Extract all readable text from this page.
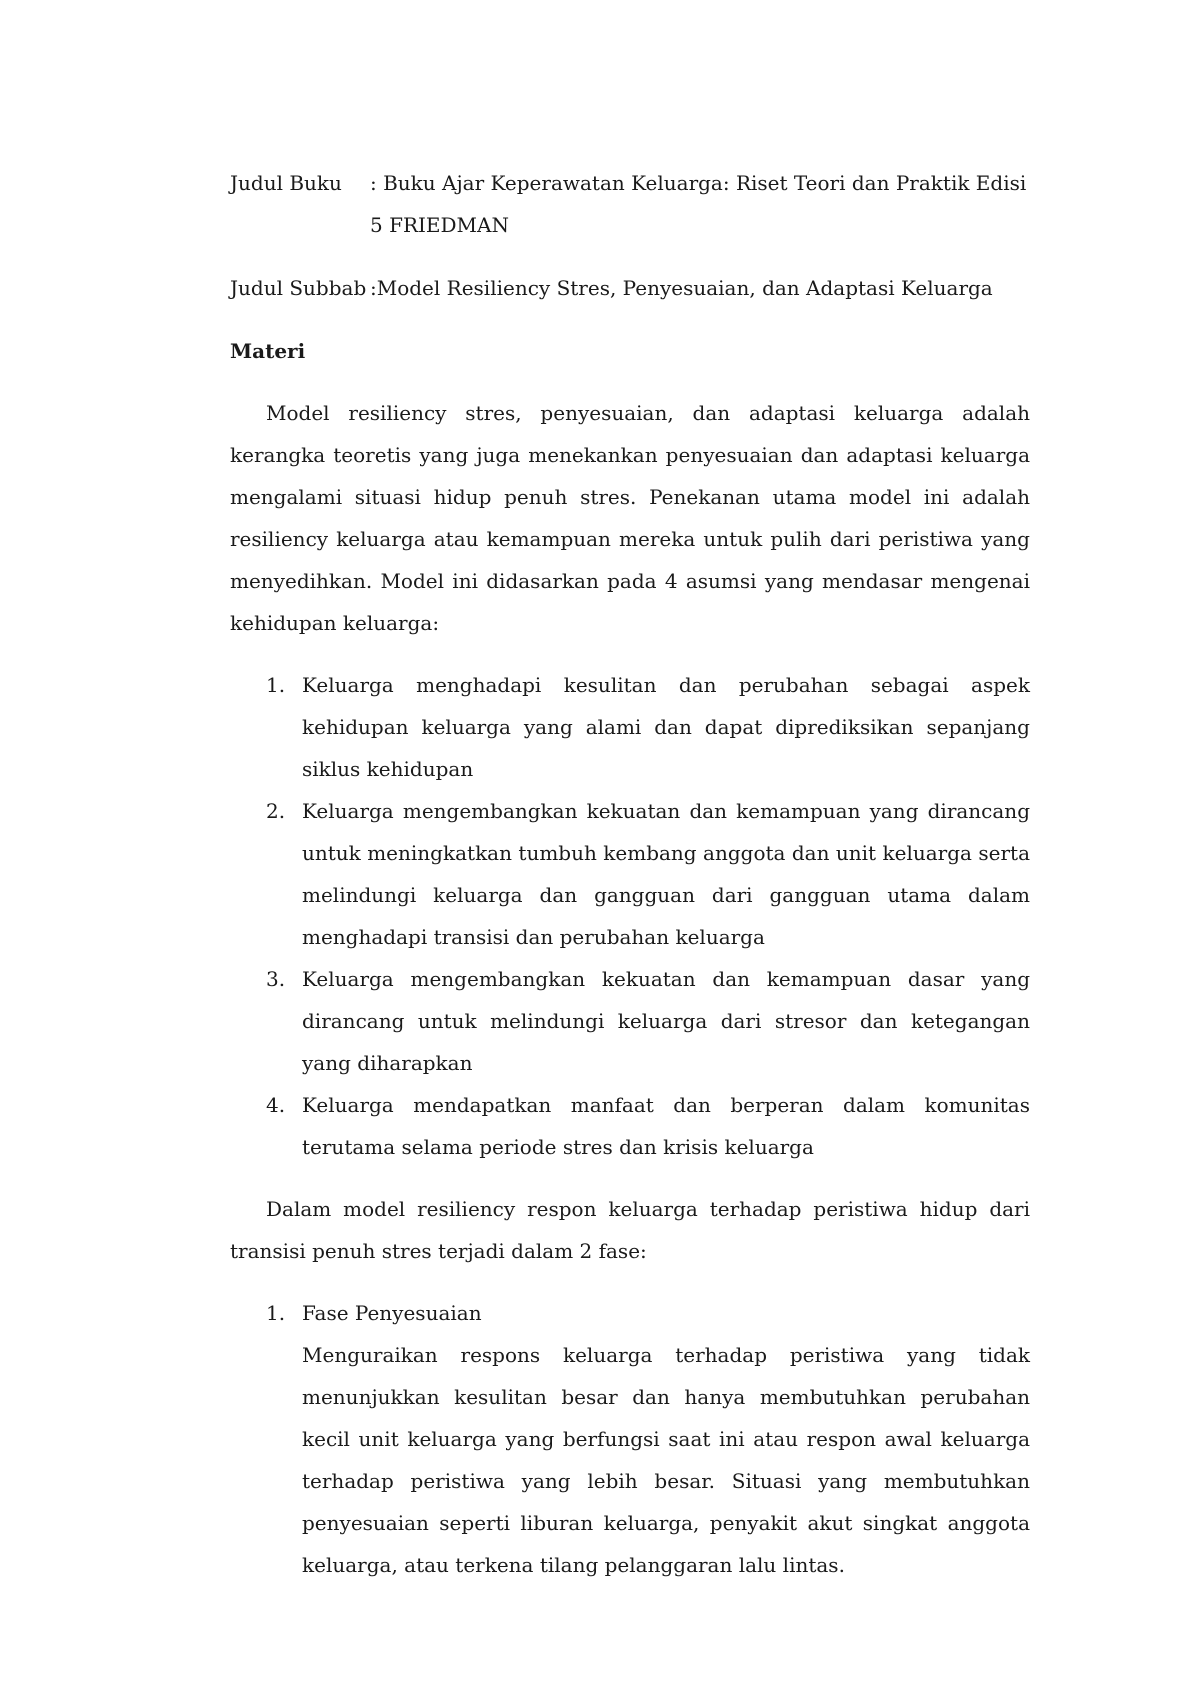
Judul Buku	: Buku Ajar Keperawatan Keluarga: Riset Teori dan Praktik Edisi 5 FRIEDMAN
Judul Subbab :Model Resiliency Stres, Penyesuaian, dan Adaptasi Keluarga
Materi

Model resiliency stres, penyesuaian, dan adaptasi keluarga adalah kerangka teoretis yang juga menekankan penyesuaian dan adaptasi keluarga mengalami situasi hidup penuh stres. Penekanan utama model ini adalah resiliency keluarga atau kemampuan mereka untuk pulih dari peristiwa yang menyedihkan. Model ini didasarkan pada 4 asumsi yang mendasar mengenai kehidupan keluarga:

1. Keluarga menghadapi kesulitan dan perubahan sebagai aspek kehidupan keluarga yang alami dan dapat diprediksikan sepanjang siklus kehidupan
2. Keluarga mengembangkan kekuatan dan kemampuan yang dirancang untuk meningkatkan tumbuh kembang anggota dan unit keluarga serta melindungi keluarga dan gangguan dari gangguan utama dalam menghadapi transisi dan perubahan keluarga
3. Keluarga mengembangkan kekuatan dan kemampuan dasar yang dirancang untuk melindungi keluarga dari stresor dan ketegangan yang diharapkan
4. Keluarga mendapatkan manfaat dan berperan dalam komunitas terutama selama periode stres dan krisis keluarga

Dalam model resiliency respon keluarga terhadap peristiwa hidup dari transisi penuh stres terjadi dalam 2 fase:

1. Fase Penyesuaian
Menguraikan respons keluarga terhadap peristiwa yang tidak menunjukkan kesulitan besar dan hanya membutuhkan perubahan kecil unit keluarga yang berfungsi saat ini atau respon awal keluarga terhadap peristiwa yang lebih besar. Situasi yang membutuhkan penyesuaian seperti liburan keluarga, penyakit akut singkat anggota keluarga, atau terkena tilang pelanggaran lalu lintas.
